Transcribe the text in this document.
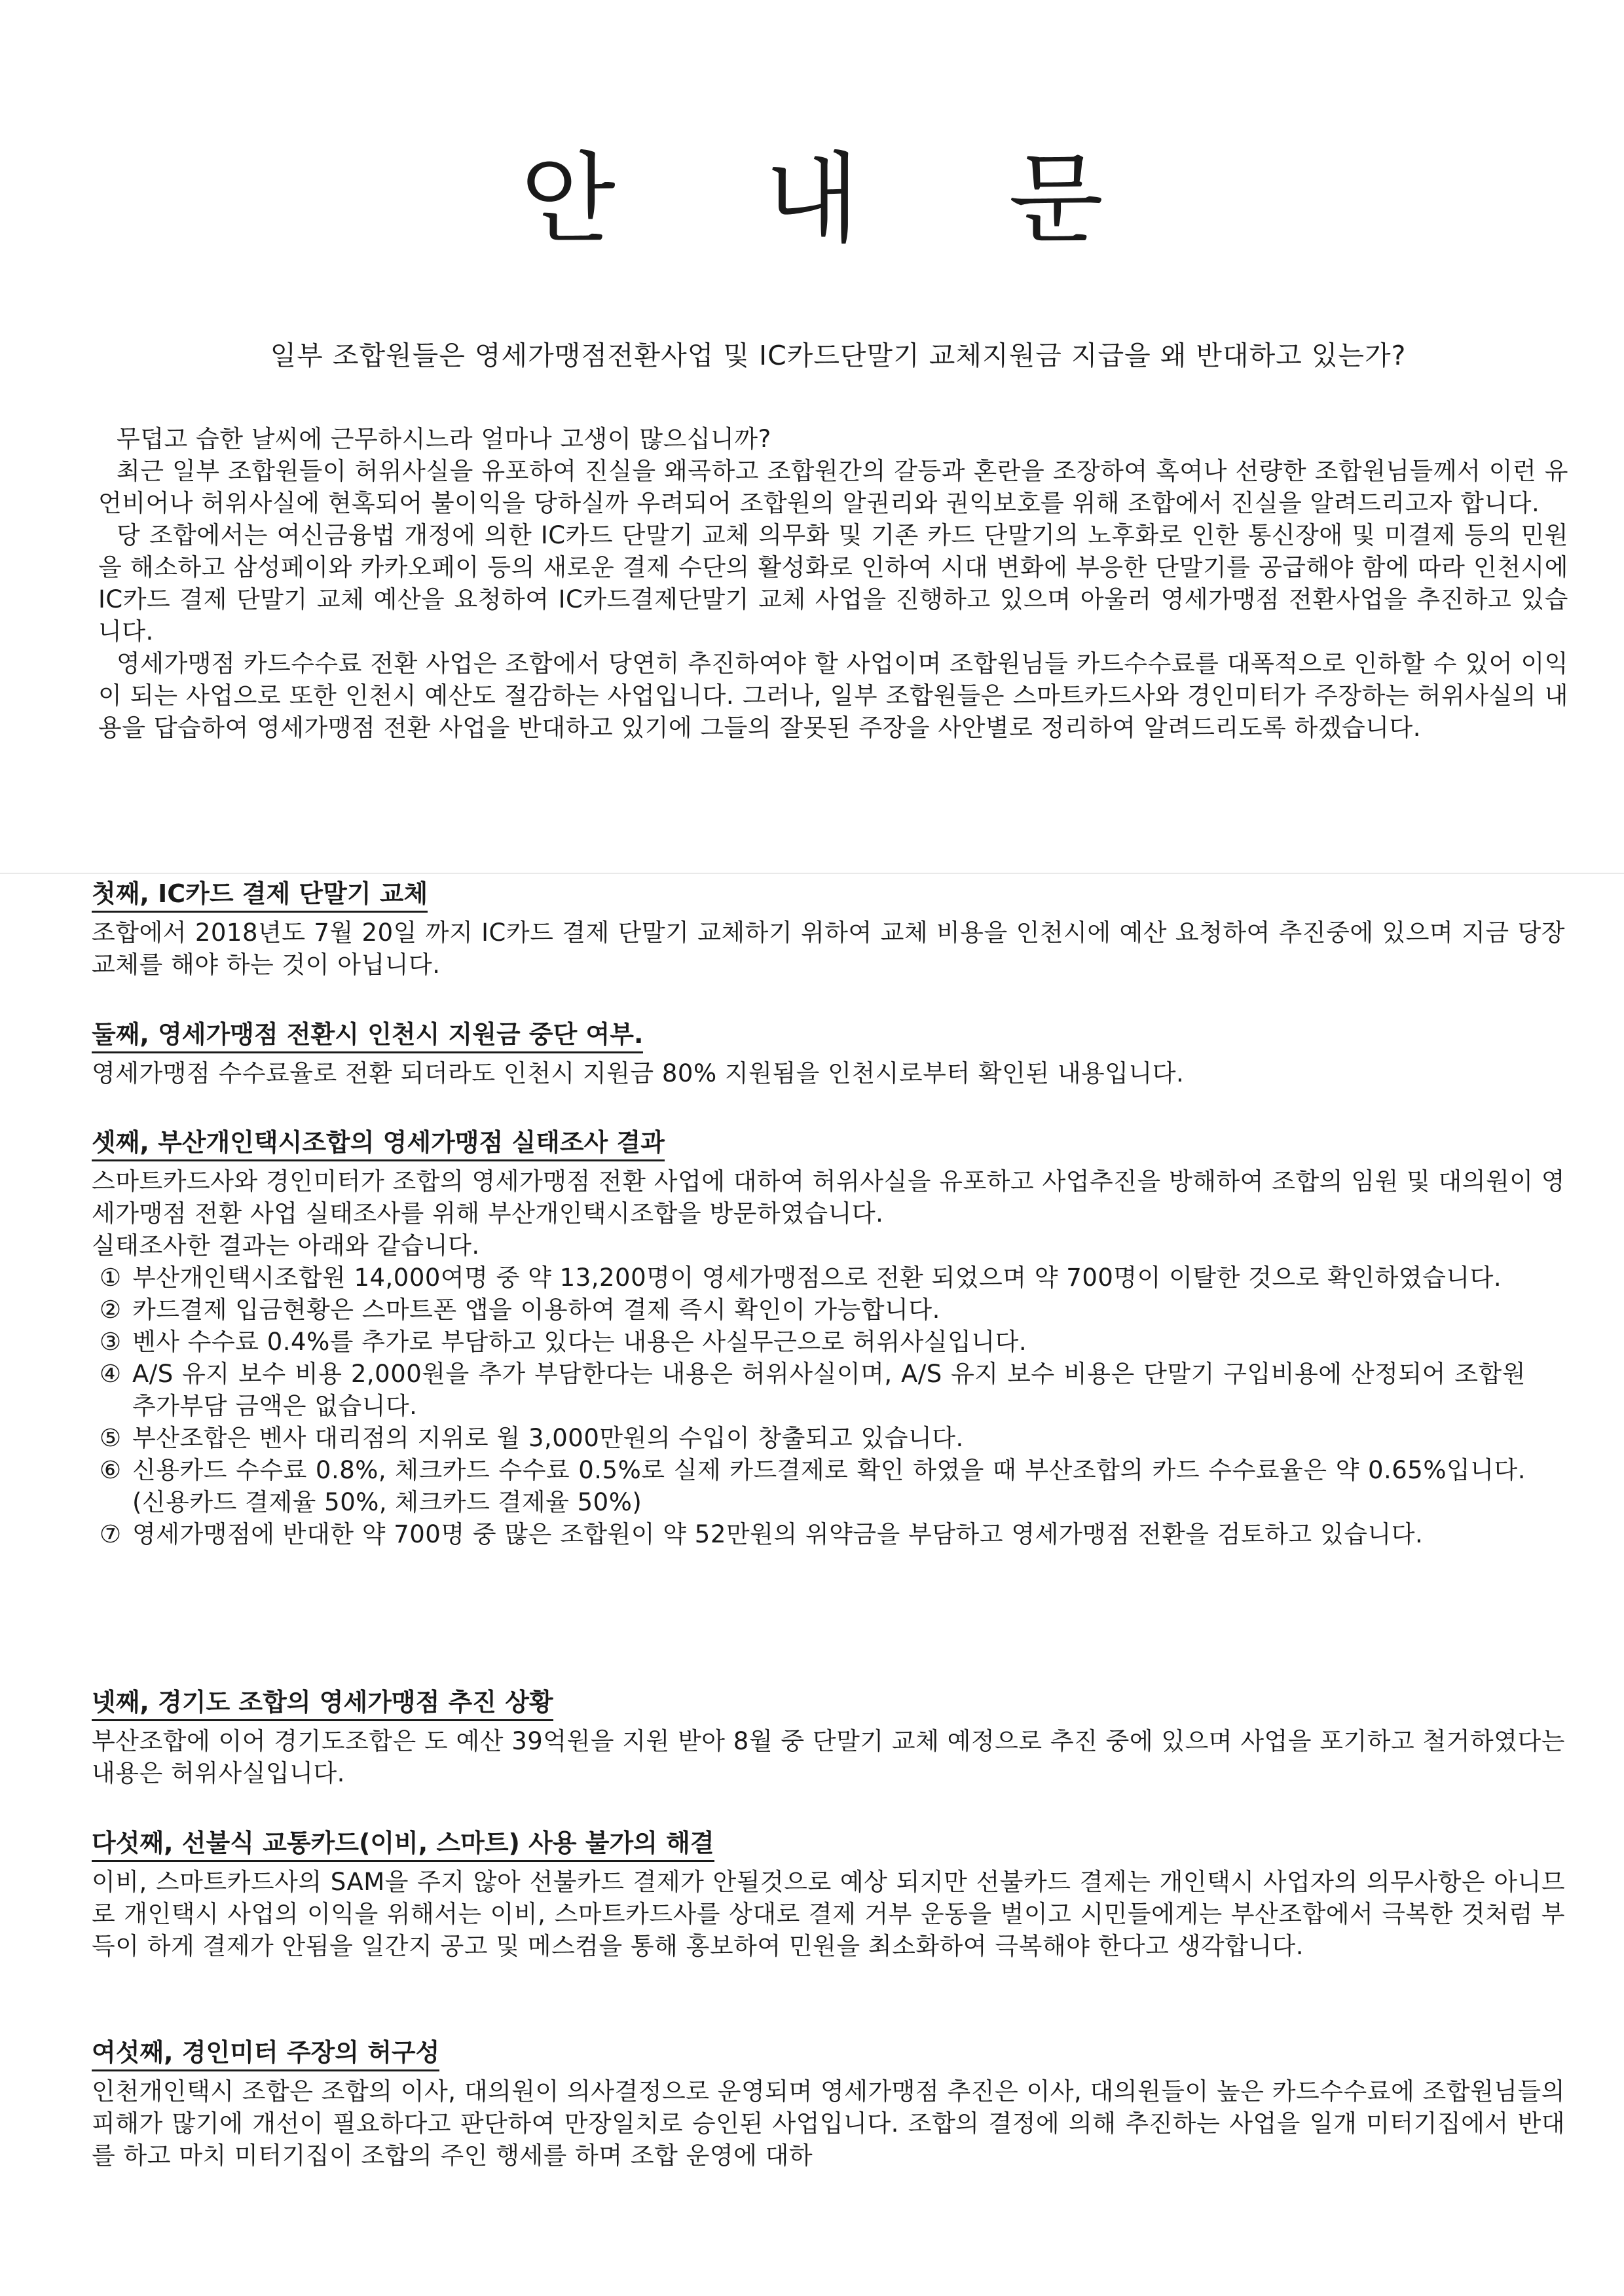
안 내 문

일부 조합원들은 영세가맹점전환사업 및 IC카드단말기 교체지원금 지급을 왜 반대하고 있는가?

무덥고 습한 날씨에 근무하시느라 얼마나 고생이 많으십니까?

최근 일부 조합원들이 허위사실을 유포하여 진실을 왜곡하고 조합원간의 갈등과 혼란을 조장하여 혹여나 선량한 조합원님들께서 이런 유언비어나 허위사실에 현혹되어 불이익을 당하실까 우려되어 조합원의 알권리와 권익보호를 위해 조합에서 진실을 알려드리고자 합니다.

당 조합에서는 여신금융법 개정에 의한 IC카드 단말기 교체 의무화 및 기존 카드 단말기의 노후화로 인한 통신장애 및 미결제 등의 민원을 해소하고 삼성페이와 카카오페이 등의 새로운 결제 수단의 활성화로 인하여 시대 변화에 부응한 단말기를 공급해야 함에 따라 인천시에 IC카드 결제 단말기 교체 예산을 요청하여 IC카드결제단말기 교체 사업을 진행하고 있으며 아울러 영세가맹점 전환사업을 추진하고 있습니다.

영세가맹점 카드수수료 전환 사업은 조합에서 당연히 추진하여야 할 사업이며 조합원님들 카드수수료를 대폭적으로 인하할 수 있어 이익이 되는 사업으로 또한 인천시 예산도 절감하는 사업입니다. 그러나, 일부 조합원들은 스마트카드사와 경인미터가 주장하는 허위사실의 내용을 답습하여 영세가맹점 전환 사업을 반대하고 있기에 그들의 잘못된 주장을 사안별로 정리하여 알려드리도록 하겠습니다.

첫째, IC카드 결제 단말기 교체

조합에서 2018년도 7월 20일 까지 IC카드 결제 단말기 교체하기 위하여 교체 비용을 인천시에 예산 요청하여 추진중에 있으며 지금 당장 교체를 해야 하는 것이 아닙니다.

둘째, 영세가맹점 전환시 인천시 지원금 중단 여부.

영세가맹점 수수료율로 전환 되더라도 인천시 지원금 80% 지원됨을 인천시로부터 확인된 내용입니다.

셋째, 부산개인택시조합의 영세가맹점 실태조사 결과

스마트카드사와 경인미터가 조합의 영세가맹점 전환 사업에 대하여 허위사실을 유포하고 사업추진을 방해하여 조합의 임원 및 대의원이 영세가맹점 전환 사업 실태조사를 위해 부산개인택시조합을 방문하였습니다.

실태조사한 결과는 아래와 같습니다.

① 부산개인택시조합원 14,000여명 중 약 13,200명이 영세가맹점으로 전환 되었으며 약 700명이 이탈한 것으로 확인하였습니다.
② 카드결제 입금현황은 스마트폰 앱을 이용하여 결제 즉시 확인이 가능합니다.
③ 벤사 수수료 0.4%를 추가로 부담하고 있다는 내용은 사실무근으로 허위사실입니다.
④ A/S 유지 보수 비용 2,000원을 추가 부담한다는 내용은 허위사실이며, A/S 유지 보수 비용은 단말기 구입비용에 산정되어 조합원 추가부담 금액은 없습니다.
⑤ 부산조합은 벤사 대리점의 지위로 월 3,000만원의 수입이 창출되고 있습니다.
⑥ 신용카드 수수료 0.8%, 체크카드 수수료 0.5%로 실제 카드결제로 확인 하였을 때 부산조합의 카드 수수료율은 약 0.65%입니다. (신용카드 결제율 50%, 체크카드 결제율 50%)
⑦ 영세가맹점에 반대한 약 700명 중 많은 조합원이 약 52만원의 위약금을 부담하고 영세가맹점 전환을 검토하고 있습니다.
넷째, 경기도 조합의 영세가맹점 추진 상황

부산조합에 이어 경기도조합은 도 예산 39억원을 지원 받아 8월 중 단말기 교체 예정으로 추진 중에 있으며 사업을 포기하고 철거하였다는 내용은 허위사실입니다.

다섯째, 선불식 교통카드(이비, 스마트) 사용 불가의 해결

이비, 스마트카드사의 SAM을 주지 않아 선불카드 결제가 안될것으로 예상 되지만 선불카드 결제는 개인택시 사업자의 의무사항은 아니므로 개인택시 사업의 이익을 위해서는 이비, 스마트카드사를 상대로 결제 거부 운동을 벌이고 시민들에게는 부산조합에서 극복한 것처럼 부득이 하게 결제가 안됨을 일간지 공고 및 메스컴을 통해 홍보하여 민원을 최소화하여 극복해야 한다고 생각합니다.

여섯째, 경인미터 주장의 허구성

인천개인택시 조합은 조합의 이사, 대의원이 의사결정으로 운영되며 영세가맹점 추진은 이사, 대의원들이 높은 카드수수료에 조합원님들의 피해가 많기에 개선이 필요하다고 판단하여 만장일치로 승인된 사업입니다. 조합의 결정에 의해 추진하는 사업을 일개 미터기집에서 반대를 하고 마치 미터기집이 조합의 주인 행세를 하며 조합 운영에 대하
